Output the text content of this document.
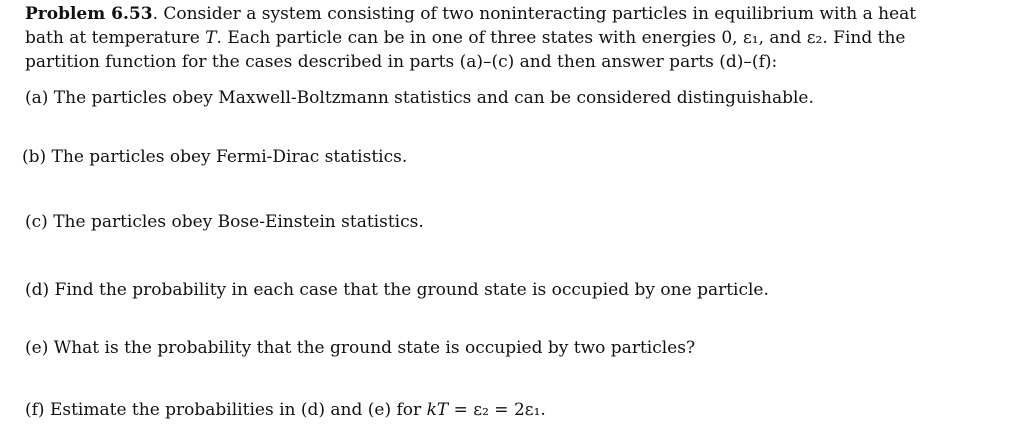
Problem 6.53. Consider a system consisting of two noninteracting particles in equilibrium with a heat
bath at temperature T. Each particle can be in one of three states with energies 0, ε₁, and ε₂. Find the
partition function for the cases described in parts (a)–(c) and then answer parts (d)–(f):
(a) The particles obey Maxwell-Boltzmann statistics and can be considered distinguishable.
(b) The particles obey Fermi-Dirac statistics.
(c) The particles obey Bose-Einstein statistics.
(d) Find the probability in each case that the ground state is occupied by one particle.
(e) What is the probability that the ground state is occupied by two particles?
(f) Estimate the probabilities in (d) and (e) for kT = ε₂ = 2ε₁.
